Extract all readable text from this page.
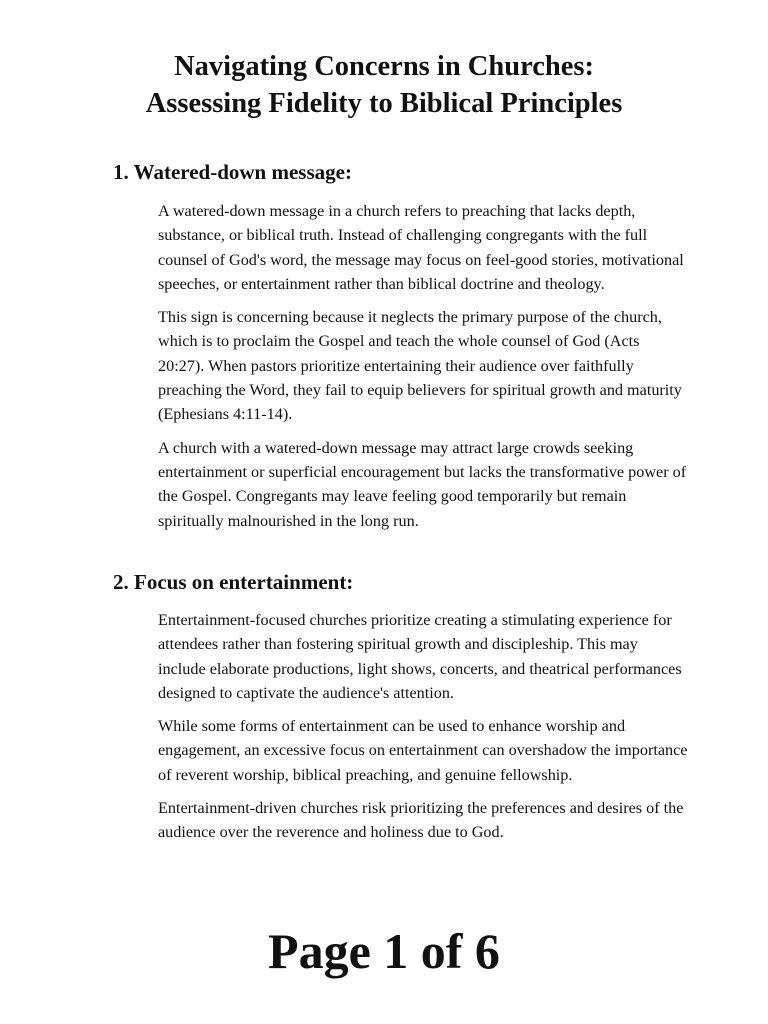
Navigating Concerns in Churches:
Assessing Fidelity to Biblical Principles
1. Watered-down message:

A watered-down message in a church refers to preaching that lacks depth, substance, or biblical truth. Instead of challenging congregants with the full counsel of God's word, the message may focus on feel-good stories, motivational speeches, or entertainment rather than biblical doctrine and theology.

This sign is concerning because it neglects the primary purpose of the church, which is to proclaim the Gospel and teach the whole counsel of God (Acts 20:27). When pastors prioritize entertaining their audience over faithfully preaching the Word, they fail to equip believers for spiritual growth and maturity (Ephesians 4:11-14).

A church with a watered-down message may attract large crowds seeking entertainment or superficial encouragement but lacks the transformative power of the Gospel. Congregants may leave feeling good temporarily but remain spiritually malnourished in the long run.

2. Focus on entertainment:

Entertainment-focused churches prioritize creating a stimulating experience for attendees rather than fostering spiritual growth and discipleship. This may include elaborate productions, light shows, concerts, and theatrical performances designed to captivate the audience's attention.

While some forms of entertainment can be used to enhance worship and engagement, an excessive focus on entertainment can overshadow the importance of reverent worship, biblical preaching, and genuine fellowship.

Entertainment-driven churches risk prioritizing the preferences and desires of the audience over the reverence and holiness due to God.

Page 1 of 6
